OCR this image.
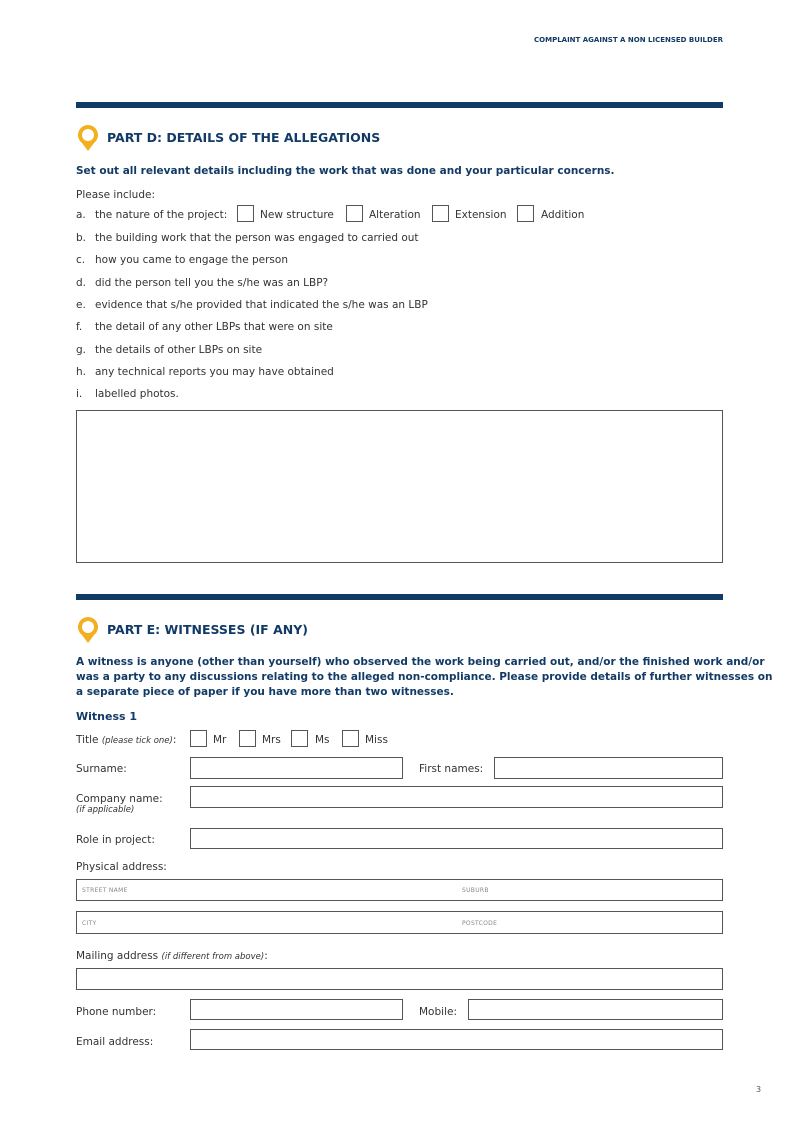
COMPLAINT AGAINST A NON LICENSED BUILDER
PART D: DETAILS OF THE ALLEGATIONS
Set out all relevant details including the work that was done and your particular concerns.
Please include:
a. the nature of the project:
b. the building work that the person was engaged to carried out
c. how you came to engage the person
d. did the person tell you the s/he was an LBP?
e. evidence that s/he provided that indicated the s/he was an LBP
f. the detail of any other LBPs that were on site
g. the details of other LBPs on site
h. any technical reports you may have obtained
i. labelled photos.
New structure	Alteration	Extension	Addition
PART E: WITNESSES (IF ANY)
A witness is anyone (other than yourself) who observed the work being carried out, and/or the finished work and/or
was a party to any discussions relating to the alleged non-compliance. Please provide details of further witnesses on
a separate piece of paper if you have more than two witnesses.
Witness 1
Title (please tick one):	Mr	Mrs	Ms	Miss
Surname:	First names:
Company name:
(if applicable)
Role in project:
Physical address:
STREET NAME	SUBURB
CITY	POSTCODE
Mailing address (if different from above):
Phone number:	Mobile:
Email address:
3
